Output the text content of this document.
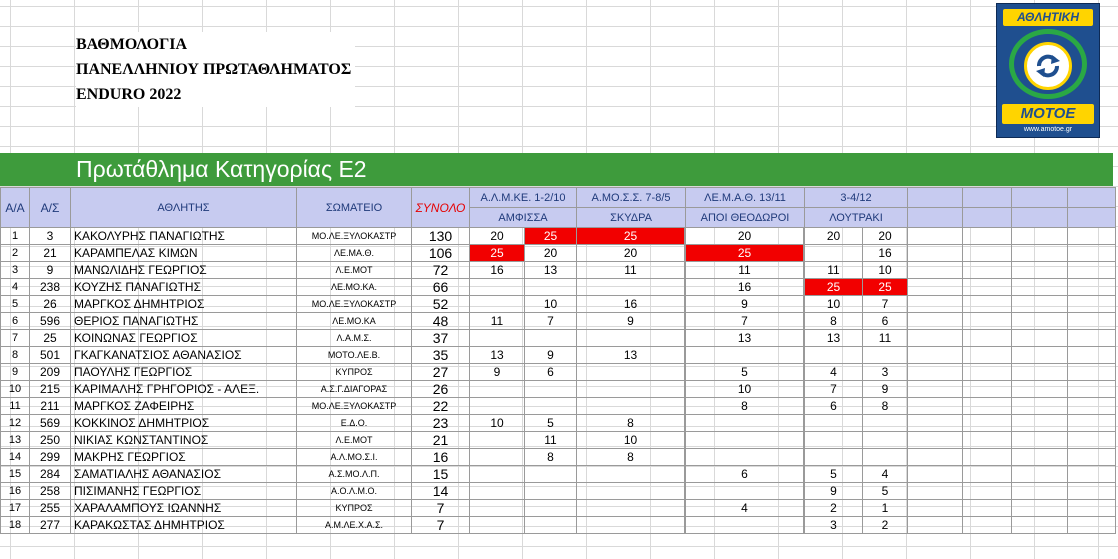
ΒΑΘΜΟΛΟΓΙΑ
ΠΑΝΕΛΛΗΝΙΟΥ ΠΡΩΤΑΘΛΗΜΑΤΟΣ
ENDURO 2022
ΑΘΛΗΤΙΚΗ
ΜΟΤΟΕ
www.amotoe.gr
Πρωτάθλημα Κατηγορίας Ε2
Α/Α	Α/Σ	ΑΘΛΗΤΗΣ	ΣΩΜΑΤΕΙΟ	ΣΥΝΟΛΟ	Α.Λ.Μ.ΚΕ. 1-2/10		Α.ΜΟ.Σ.Σ. 7-8/5	ΛΕ.Μ.Α.Θ. 13/11	3-4/12					
					ΑΜΦΙΣΣΑ		ΣΚΥΔΡΑ	ΑΠΟΙ ΘΕΟΔΩΡΟΙ	ΛΟΥΤΡΑΚΙ					
1	3	ΚΑΚΟΛΥΡΗΣ ΠΑΝΑΓΙΩΤΗΣ	ΜΟ.ΛΕ.ΞΥΛΟΚΑΣΤΡ	130	20	25	25		20		20	20				
2	21	ΚΑΡΑΜΠΕΛΑΣ ΚΙΜΩΝ	ΛΕ.ΜΑ.Θ.	106	25	20	20		25			16				
3	9	ΜΑΝΩΛΙΔΗΣ ΓΕΩΡΓΙΟΣ	Λ.Ε.ΜΟΤ	72	16	13	11		11		11	10				
4	238	ΚΟΥΖΗΣ ΠΑΝΑΓΙΩΤΗΣ	ΛΕ.ΜΟ.ΚΑ.	66					16		25	25				
5	26	ΜΑΡΓΚΟΣ ΔΗΜΗΤΡΙΟΣ	ΜΟ.ΛΕ.ΞΥΛΟΚΑΣΤΡ	52		10	16		9		10	7				
6	596	ΘΕΡΙΟΣ ΠΑΝΑΓΙΩΤΗΣ	ΛΕ.ΜΟ.ΚΑ	48	11	7	9		7		8	6				
7	25	ΚΟΙΝΩΝΑΣ ΓΕΩΡΓΙΟΣ	Λ.Α.Μ.Σ.	37					13		13	11				
8	501	ΓΚΑΓΚΑΝΑΤΣΙΟΣ ΑΘΑΝΑΣΙΟΣ	ΜΟΤΟ.ΛΕ.Β.	35	13	9	13									
9	209	ΠΑΟΥΛΗΣ ΓΕΩΡΓΙΟΣ	ΚΥΠΡΟΣ	27	9	6			5		4	3				
10	215	ΚΑΡΙΜΑΛΗΣ ΓΡΗΓΟΡΙΟΣ - ΑΛΕΞ.	Α.Σ.Γ.ΔΙΑΓΟΡΑΣ	26					10		7	9				
11	211	ΜΑΡΓΚΟΣ ΖΑΦΕΙΡΗΣ	ΜΟ.ΛΕ.ΞΥΛΟΚΑΣΤΡ	22					8		6	8				
12	569	ΚΟΚΚΙΝΟΣ ΔΗΜΗΤΡΙΟΣ	Ε.Δ.Ο.	23	10	5	8									
13	250	ΝΙΚΙΑΣ ΚΩΝΣΤΑΝΤΙΝΟΣ	Λ.Ε.ΜΟΤ	21		11	10									
14	299	ΜΑΚΡΗΣ ΓΕΩΡΓΙΟΣ	Α.Λ.ΜΟ.Σ.Ι.	16		8	8									
15	284	ΣΑΜΑΤΙΑΛΗΣ ΑΘΑΝΑΣΙΟΣ	Α.Σ.ΜΟ.Λ.Π.	15					6		5	4				
16	258	ΠΙΣΙΜΑΝΗΣ ΓΕΩΡΓΙΟΣ	Α.Ο.Λ.Μ.Ο.	14							9	5				
17	255	ΧΑΡΑΛΑΜΠΟΥΣ ΙΩΑΝΝΗΣ	ΚΥΠΡΟΣ	7					4		2	1				
18	277	ΚΑΡΑΚΩΣΤΑΣ ΔΗΜΗΤΡΙΟΣ	Α.Μ.ΛΕ.Χ.Α.Σ.	7							3	2				
